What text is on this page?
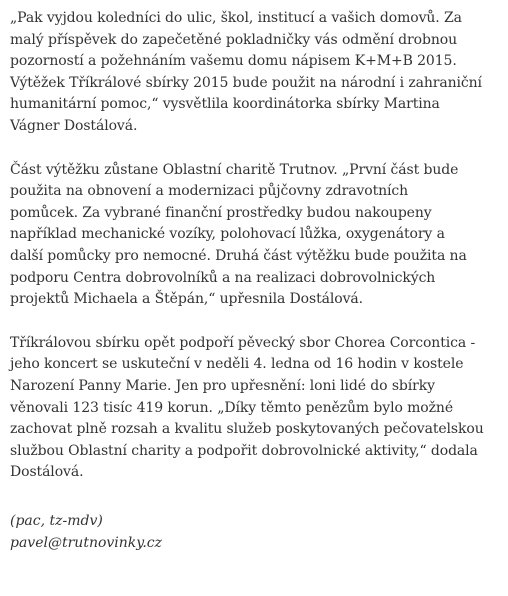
„Pak vyjdou koledníci do ulic, škol, institucí a vašich domovů. Za
malý příspěvek do zapečetěné pokladničky vás odmění drobnou
pozorností a požehnáním vašemu domu nápisem K+M+B 2015.
Výtěžek Tříkrálové sbírky 2015 bude použit na národní i zahraniční
humanitární pomoc,“ vysvětlila koordinátorka sbírky Martina
Vágner Dostálová.

Část výtěžku zůstane Oblastní charitě Trutnov. „První část bude
použita na obnovení a modernizaci půjčovny zdravotních
pomůcek. Za vybrané finanční prostředky budou nakoupeny
například mechanické vozíky, polohovací lůžka, oxygenátory a
další pomůcky pro nemocné. Druhá část výtěžku bude použita na
podporu Centra dobrovolníků a na realizaci dobrovolnických
projektů Michaela a Štěpán,“ upřesnila Dostálová.

Tříkrálovou sbírku opět podpoří pěvecký sbor Chorea Corcontica -
jeho koncert se uskuteční v neděli 4. ledna od 16 hodin v kostele
Narození Panny Marie. Jen pro upřesnění: loni lidé do sbírky
věnovali 123 tisíc 419 korun. „Díky těmto penězům bylo možné
zachovat plně rozsah a kvalitu služeb poskytovaných pečovatelskou
službou Oblastní charity a podpořit dobrovolnické aktivity,“ dodala
Dostálová.

(pac, tz-mdv)
pavel@trutnovinky.cz
